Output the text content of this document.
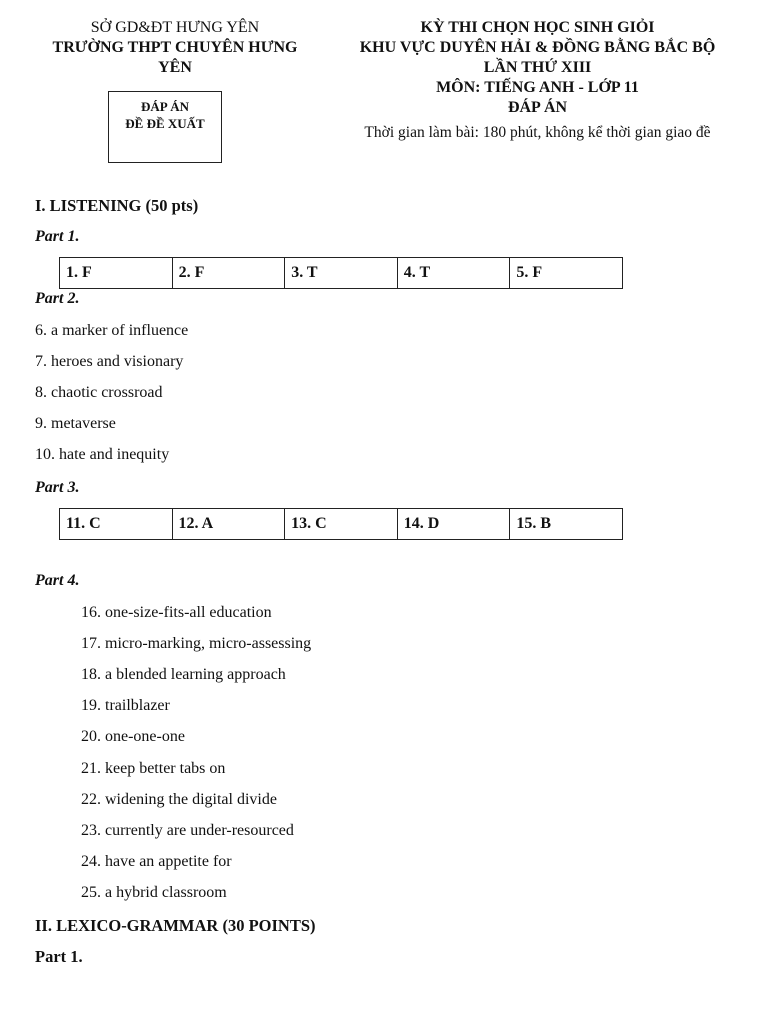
SỞ GD&ĐT HƯNG YÊN
TRƯỜNG THPT CHUYÊN HƯNG
YÊN
ĐÁP ÁN
ĐỀ ĐỀ XUẤT
KỲ THI CHỌN HỌC SINH GIỎI
KHU VỰC DUYÊN HẢI & ĐỒNG BẰNG BẮC BỘ
LẦN THỨ XIII
MÔN: TIẾNG ANH - LỚP 11
ĐÁP ÁN
Thời gian làm bài: 180 phút, không kể thời gian giao đề
I. LISTENING (50 pts)
Part 1.
1. F	2. F	3. T	4. T	5. F
Part 2.
6. a marker of influence
7. heroes and visionary
8. chaotic crossroad
9. metaverse
10. hate and inequity
Part 3.
11. C	12. A	13. C	14. D	15. B
Part 4.
16. one-size-fits-all education
17. micro-marking, micro-assessing
18. a blended learning approach
19. trailblazer
20. one-one-one
21. keep better tabs on
22. widening the digital divide
23. currently are under-resourced
24. have an appetite for
25. a hybrid classroom
II. LEXICO-GRAMMAR (30 POINTS)
Part 1.
